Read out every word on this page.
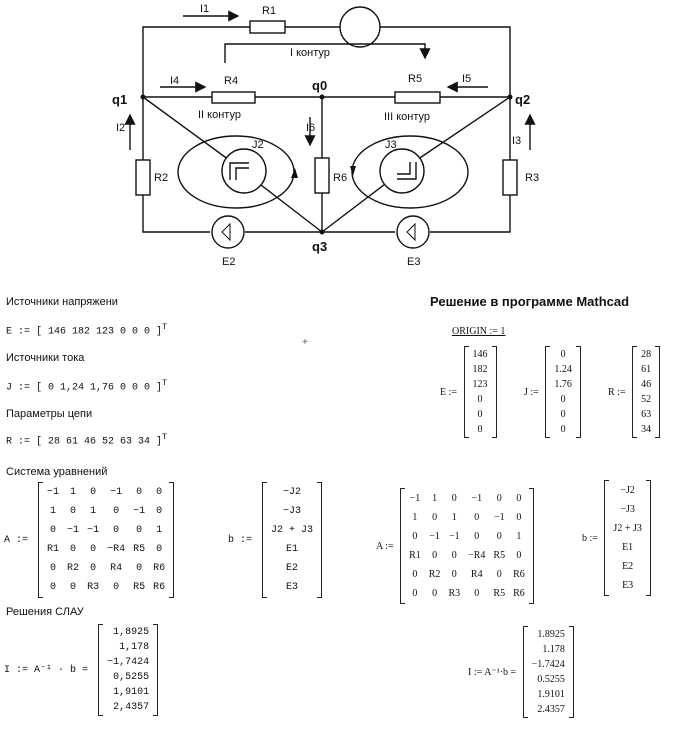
I1	R1
I контур
I4	R4	q0	R5	I5
q1	q2
II контур	III контур
I6
I2
I3
J2	J3
R2	R6	R3
q3
E2	E3
Источники напряжени
E := [ 146 182 123 0 0 0 ]$^T$
Источники тока
J := [ 0 1,24 1,76 0 0 0 ]$^T$
Параметры цепи
R := [ 28 61 46 52 63 34 ]$^T$
Система уравнений
A :=
−1	1	0	−1	0	0
1	0	1	0	−1	0
0	−1	−1	0	0	1
R1	0	0	−R4	R5	0
0	R2	0	R4	0	R6
0	0	R3	0	R5	R6
b :=
−J2
−J3
J2 + J3
E1
E2
E3
Решения СЛАУ
I := A⁻¹ · b =
1,8925
1,178
−1,7424
0,5255
1,9101
2,4357
+
Решение в программе Mathcad
ORIGIN := 1
E :=
146
182
123
0
0
0
J :=
0
1.24
1.76
0
0
0
R :=
28
61
46
52
63
34
A :=
−1	1	0	−1	0	0
1	0	1	0	−1	0
0	−1	−1	0	0	1
R1	0	0	−R4	R5	0
0	R2	0	R4	0	R6
0	0	R3	0	R5	R6
b :=
−J2
−J3
J2 + J3
E1
E2
E3
I := A⁻¹·b =
1.8925
1.178
−1.7424
0.5255
1.9101
2.4357
